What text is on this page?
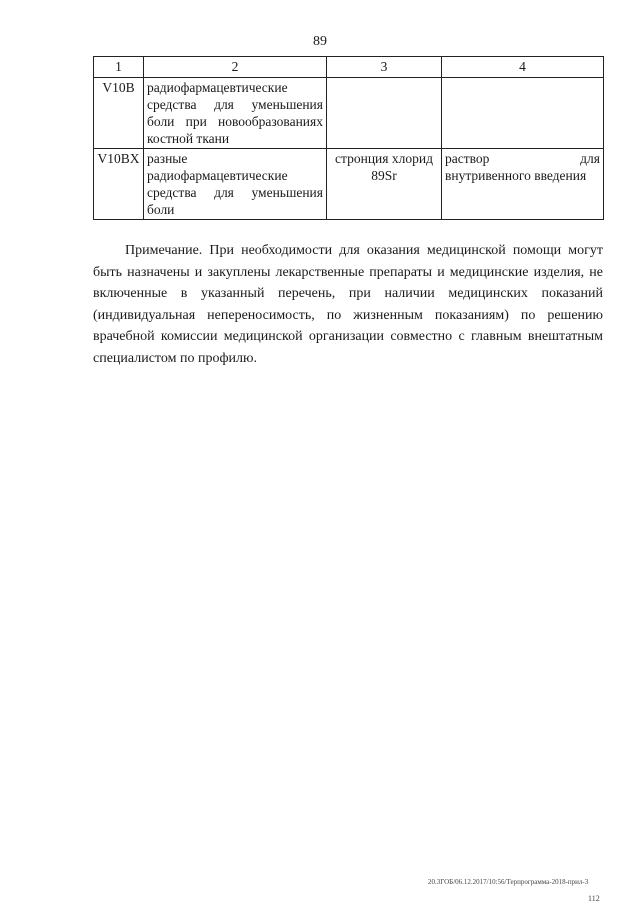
89
1	2	3	4
V10B	радиофармацевтические средства для уменьшения боли при новообразованиях костной ткани		
V10BX	разные радиофармацевтические средства для уменьшения боли	стронция хлорид 89Sr	раствор для внутривенного введения

Примечание. При необходимости для оказания медицинской помощи могут быть назначены и закуплены лекарственные препараты и медицинские изделия, не включенные в указанный перечень, при наличии медицинских показаний (индивидуальная непереносимость, по жизненным показаниям) по решению врачебной комиссии медицинской организации совместно с главным внештатным специалистом по профилю.

20.3ГОБ/06.12.2017/10:56/Терпрограмма-2018-прил-3
112
